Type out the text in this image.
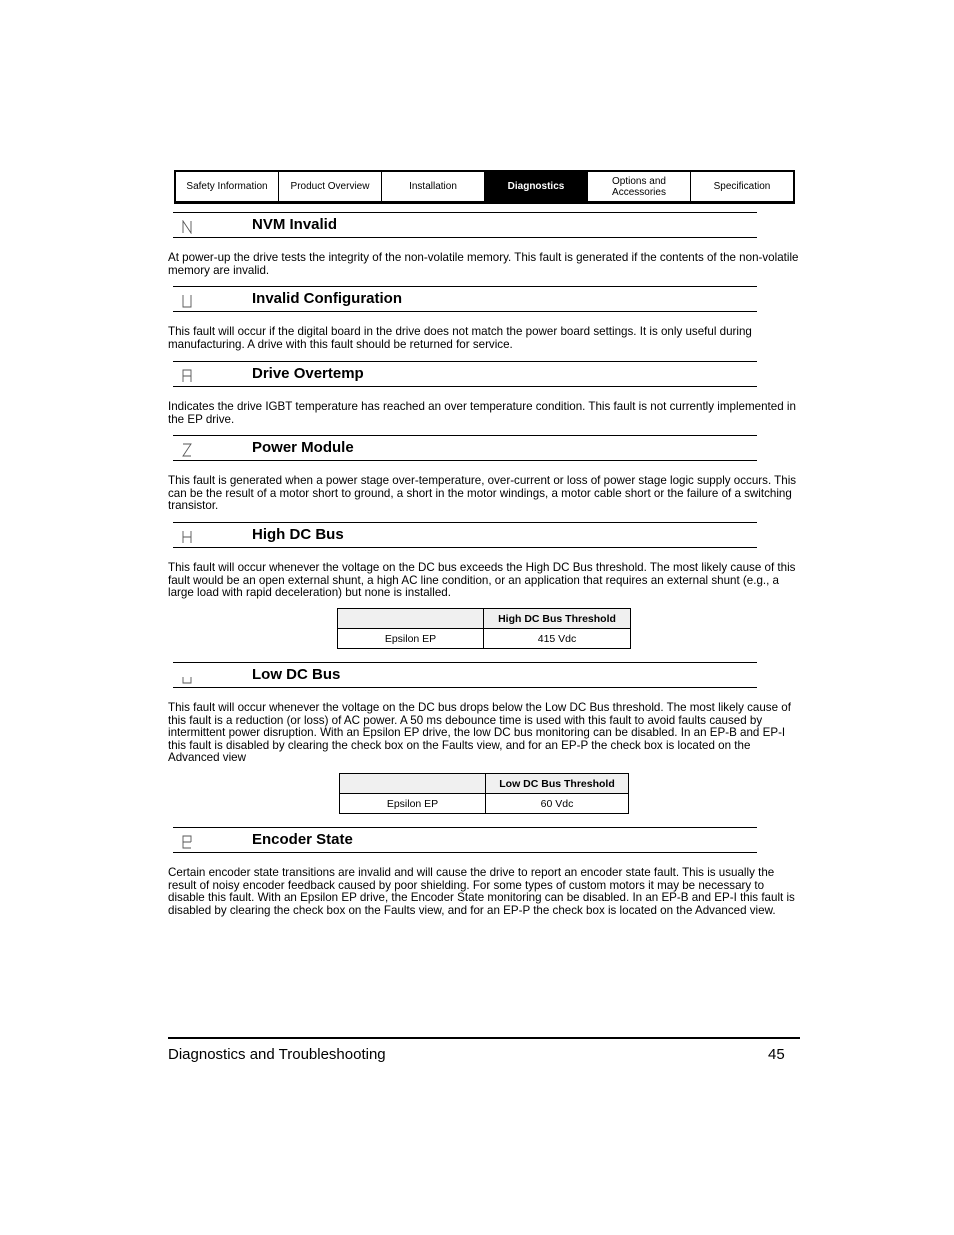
Safety Information	Product Overview	Installation	Diagnostics	Options and
Accessories	Specification
NVM Invalid
At power-up the drive tests the integrity of the non-volatile memory. This fault is generated if the contents of the non-volatile memory are invalid.
Invalid Configuration
This fault will occur if the digital board in the drive does not match the power board settings. It is only useful during manufacturing. A drive with this fault should be returned for service.
Drive Overtemp
Indicates the drive IGBT temperature has reached an over temperature condition. This fault is not currently implemented in the EP drive.
Power Module
This fault is generated when a power stage over-temperature, over-current or loss of power stage logic supply occurs. This can be the result of a motor short to ground, a short in the motor windings, a motor cable short or the failure of a switching transistor.
High DC Bus
This fault will occur whenever the voltage on the DC bus exceeds the High DC Bus threshold. The most likely cause of this fault would be an open external shunt, a high AC line condition, or an application that requires an external shunt (e.g., a large load with rapid deceleration) but none is installed.
	High DC Bus Threshold
Epsilon EP	415 Vdc
Low DC Bus
This fault will occur whenever the voltage on the DC bus drops below the Low DC Bus threshold. The most likely cause of this fault is a reduction (or loss) of AC power. A 50 ms debounce time is used with this fault to avoid faults caused by intermittent power disruption. With an Epsilon EP drive, the low DC bus monitoring can be disabled. In an EP-B and EP-I this fault is disabled by clearing the check box on the Faults view, and for an EP-P the check box is located on the Advanced view
	Low DC Bus Threshold
Epsilon EP	60 Vdc
Encoder State
Certain encoder state transitions are invalid and will cause the drive to report an encoder state fault. This is usually the result of noisy encoder feedback caused by poor shielding. For some types of custom motors it may be necessary to disable this fault. With an Epsilon EP drive, the Encoder State monitoring can be disabled. In an EP-B and EP-I this fault is disabled by clearing the check box on the Faults view, and for an EP-P the check box is located on the Advanced view.
Diagnostics and Troubleshooting	45
